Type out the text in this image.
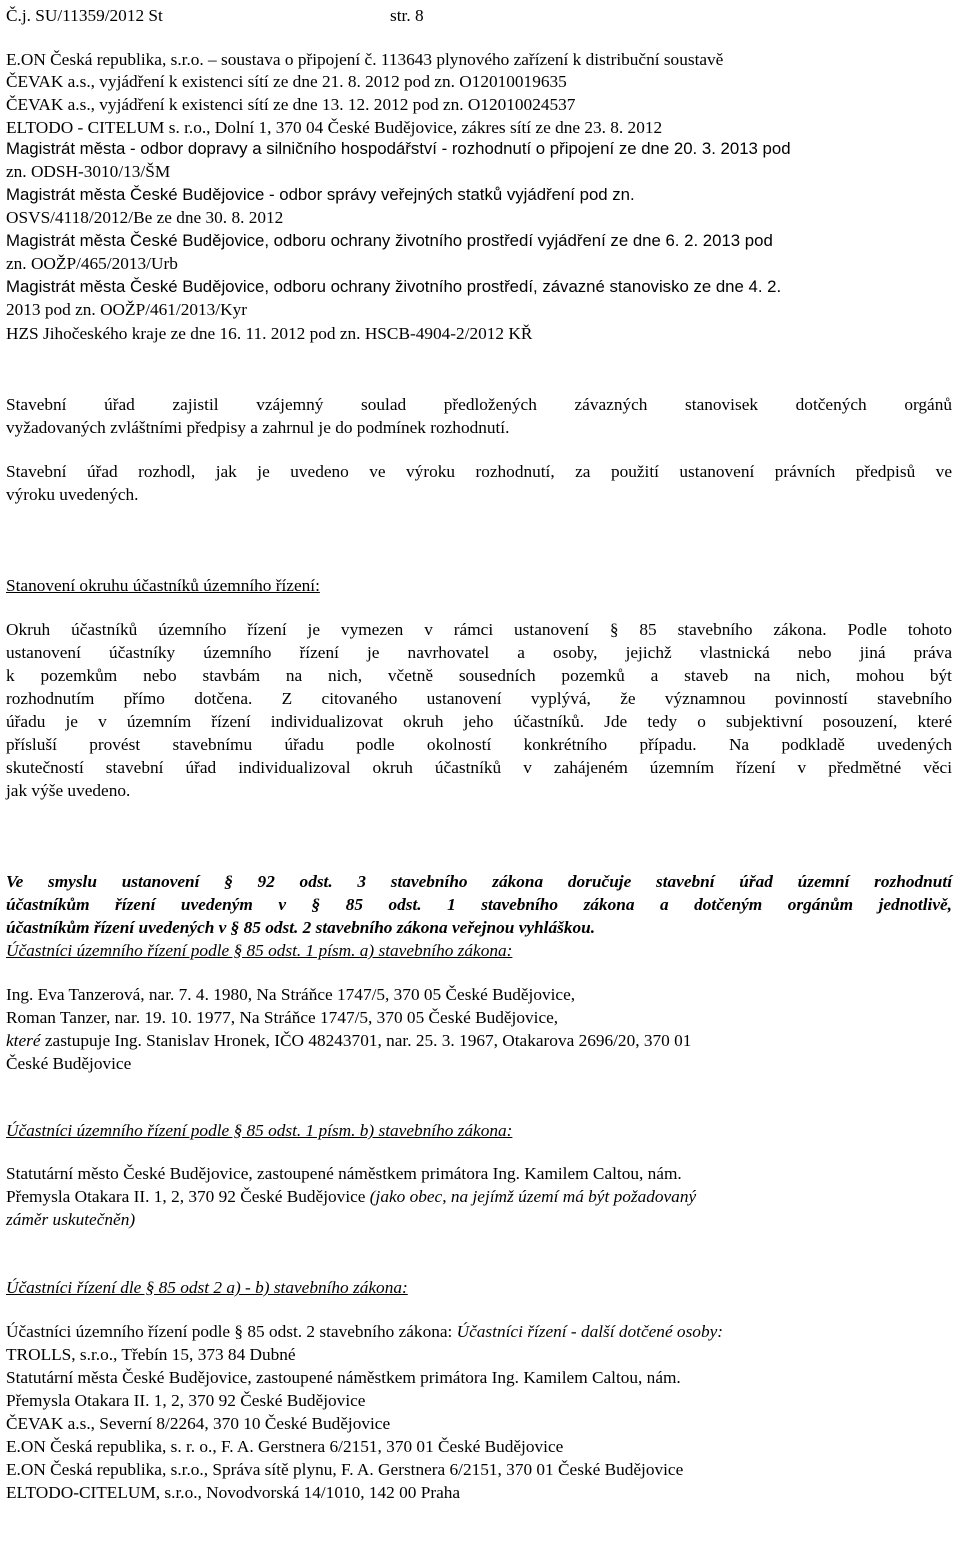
Č.j. SU/11359/2012 St	str. 8
E.ON Česká republika, s.r.o. – soustava o připojení č. 113643 plynového zařízení k distribuční soustavě
ČEVAK a.s., vyjádření k existenci sítí ze dne 21. 8. 2012 pod zn. O12010019635
ČEVAK a.s., vyjádření k existenci sítí ze dne 13. 12. 2012 pod zn. O12010024537
ELTODO - CITELUM s. r.o., Dolní 1, 370 04 České Budějovice, zákres sítí ze dne 23. 8. 2012
Magistrát města - odbor dopravy a silničního hospodářství - rozhodnutí o připojení ze dne 20. 3. 2013 pod
zn. ODSH-3010/13/ŠM
Magistrát města České Budějovice - odbor správy veřejných statků vyjádření pod zn.
OSVS/4118/2012/Be ze dne 30. 8. 2012
Magistrát města České Budějovice, odboru ochrany životního prostředí vyjádření ze dne 6. 2. 2013 pod
zn. OOŽP/465/2013/Urb
Magistrát města České Budějovice, odboru ochrany životního prostředí, závazné stanovisko ze dne 4. 2.
2013 pod zn. OOŽP/461/2013/Kyr
HZS Jihočeského kraje ze dne 16. 11. 2012 pod zn. HSCB-4904-2/2012 KŘ
Stavební úřad zajistil vzájemný soulad předložených závazných stanovisek dotčených orgánů
vyžadovaných zvláštními předpisy a zahrnul je do podmínek rozhodnutí.
Stavební úřad rozhodl, jak je uvedeno ve výroku rozhodnutí, za použití ustanovení právních předpisů ve
výroku uvedených.
Stanovení okruhu účastníků územního řízení:
Okruh účastníků územního řízení je vymezen v rámci ustanovení § 85 stavebního zákona. Podle tohoto
ustanovení účastníky územního řízení je navrhovatel a osoby, jejichž vlastnická nebo jiná práva
k pozemkům nebo stavbám na nich, včetně sousedních pozemků a staveb na nich, mohou být
rozhodnutím přímo dotčena. Z citovaného ustanovení vyplývá, že významnou povinností stavebního
úřadu je v územním řízení individualizovat okruh jeho účastníků. Jde tedy o subjektivní posouzení, které
přísluší provést stavebnímu úřadu podle okolností konkrétního případu. Na podkladě uvedených
skutečností stavební úřad individualizoval okruh účastníků v zahájeném územním řízení v předmětné věci
jak výše uvedeno.
Ve smyslu ustanovení § 92 odst. 3 stavebního zákona doručuje stavební úřad územní rozhodnutí
účastníkům řízení uvedeným v § 85 odst. 1 stavebního zákona a dotčeným orgánům jednotlivě,
účastníkům řízení uvedených v § 85 odst. 2 stavebního zákona veřejnou vyhláškou.
Účastníci územního řízení podle § 85 odst. 1 písm. a) stavebního zákona:
Ing. Eva Tanzerová, nar. 7. 4. 1980, Na Stráňce 1747/5, 370 05 České Budějovice,
Roman Tanzer, nar. 19. 10. 1977, Na Stráňce 1747/5, 370 05 České Budějovice,
které zastupuje Ing. Stanislav Hronek, IČO 48243701, nar. 25. 3. 1967, Otakarova 2696/20, 370 01
České Budějovice
Účastníci územního řízení podle § 85 odst. 1 písm. b) stavebního zákona:
Statutární město České Budějovice, zastoupené náměstkem primátora Ing. Kamilem Caltou, nám.
Přemysla Otakara II. 1, 2, 370 92 České Budějovice (jako obec, na jejímž území má být požadovaný
záměr uskutečněn)
Účastníci řízení dle § 85 odst 2 a) - b) stavebního zákona:
Účastníci územního řízení podle § 85 odst. 2 stavebního zákona: Účastníci řízení - další dotčené osoby:
TROLLS, s.r.o., Třebín 15, 373 84 Dubné
Statutární města České Budějovice, zastoupené náměstkem primátora Ing. Kamilem Caltou, nám.
Přemysla Otakara II. 1, 2, 370 92 České Budějovice
ČEVAK a.s., Severní 8/2264, 370 10 České Budějovice
E.ON Česká republika, s. r. o., F. A. Gerstnera 6/2151, 370 01 České Budějovice
E.ON Česká republika, s.r.o., Správa sítě plynu, F. A. Gerstnera 6/2151, 370 01 České Budějovice
ELTODO-CITELUM, s.r.o., Novodvorská 14/1010, 142 00 Praha
